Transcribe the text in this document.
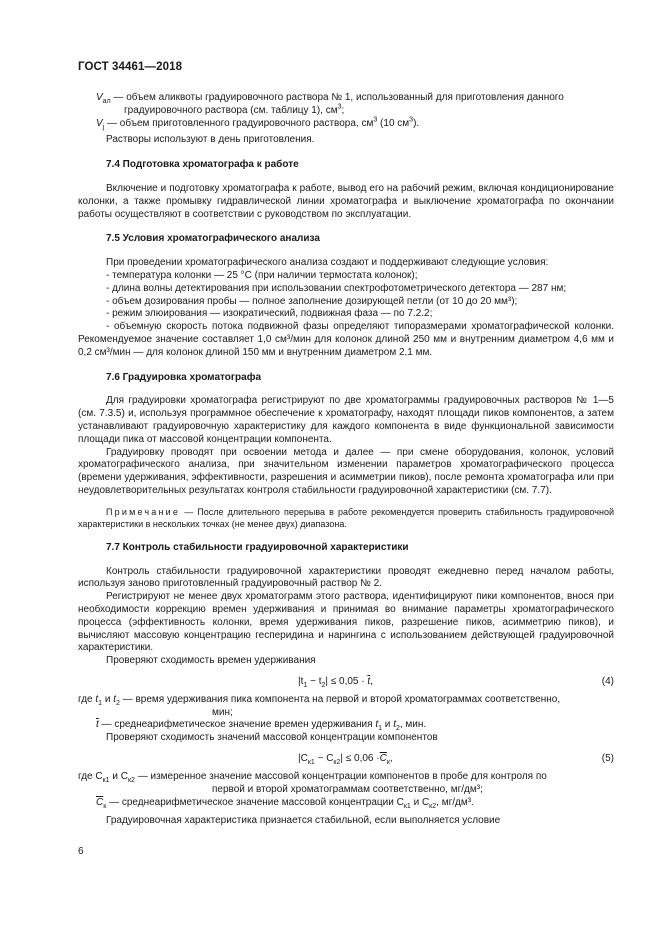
ГОСТ 34461—2018

$V_{ал}$ — объем аликвоты градуировочного раствора № 1, использованный для приготовления данного градуировочного раствора (см. таблицу 1), $см^3$;

$V_j$ — объем приготовленного градуировочного раствора, $см^3$ (10 $см^3$).

Растворы используют в день приготовления.

7.4 Подготовка хроматографа к работе

Включение и подготовку хроматографа к работе, вывод его на рабочий режим, включая кондиционирование колонки, а также промывку гидравлической линии хроматографа и выключение хроматографа по окончании работы осуществляют в соответствии с руководством по эксплуатации.

7.5 Условия хроматографического анализа

При проведении хроматографического анализа создают и поддерживают следующие условия:

- температура колонки — 25 °С (при наличии термостата колонок);

- длина волны детектирования при использовании спектрофотометрического детектора — 287 нм;

- объем дозирования пробы — полное заполнение дозирующей петли (от 10 до 20 мм³);

- режим элюирования — изократический, подвижная фаза — по 7.2.2;

- объемную скорость потока подвижной фазы определяют типоразмерами хроматографической колонки. Рекомендуемое значение составляет 1,0 см³/мин для колонок длиной 250 мм и внутренним диаметром 4,6 мм и 0,2 см³/мин — для колонок длиной 150 мм и внутренним диаметром 2,1 мм.

7.6 Градуировка хроматографа

Для градуировки хроматографа регистрируют по две хроматограммы градуировочных растворов № 1—5 (см. 7.3.5) и, используя программное обеспечение к хроматографу, находят площади пиков компонентов, а затем устанавливают градуировочную характеристику для каждого компонента в виде функциональной зависимости площади пика от массовой концентрации компонента.

Градуировку проводят при освоении метода и далее — при смене оборудования, колонок, условий хроматографического анализа, при значительном изменении параметров хроматографического процесса (времени удерживания, эффективности, разрешения и асимметрии пиков), после ремонта хроматографа или при неудовлетворительных результатах контроля стабильности градуировочной характеристики (см. 7.7).

Примечание — После длительного перерыва в работе рекомендуется проверить стабильность градуировочной характеристики в нескольких точках (не менее двух) диапазона.

7.7 Контроль стабильности градуировочной характеристики

Контроль стабильности градуировочной характеристики проводят ежедневно перед началом работы, используя заново приготовленный градуировочный раствор № 2.

Регистрируют не менее двух хроматограмм этого раствора, идентифицируют пики компонентов, внося при необходимости коррекцию времен удерживания и принимая во внимание параметры хроматографического процесса (эффективность колонки, время удерживания пиков, разрешение пиков, асимметрию пиков), и вычисляют массовую концентрацию гесперидина и нарингина с использованием действующей градуировочной характеристики.

Проверяют сходимость времен удерживания

$|t_1 - t_2| \le 0,05 \cdot \overline{t}$,	(4)

где $t_1$ и $t_2$ — время удерживания пика компонента на первой и второй хроматограммах соответственно,

мин;

$\overline{t}$ — среднеарифметическое значение времен удерживания $t_1$ и $t_2$, мин.

Проверяют сходимость значений массовой концентрации компонентов

$|C_{к1} - C_{к2}| \le 0,06 \cdot\overline{C}_к$,	(5)

где $C_{к1}$ и $C_{к2}$ — измеренное значение массовой концентрации компонентов в пробе для контроля по

первой и второй хроматограммам соответственно, мг/дм³;

$\overline{C}_к$ — среднеарифметическое значение массовой концентрации $C_{к1}$ и $C_{к2}$, мг/дм³.

Градуировочная характеристика признается стабильной, если выполняется условие

6
